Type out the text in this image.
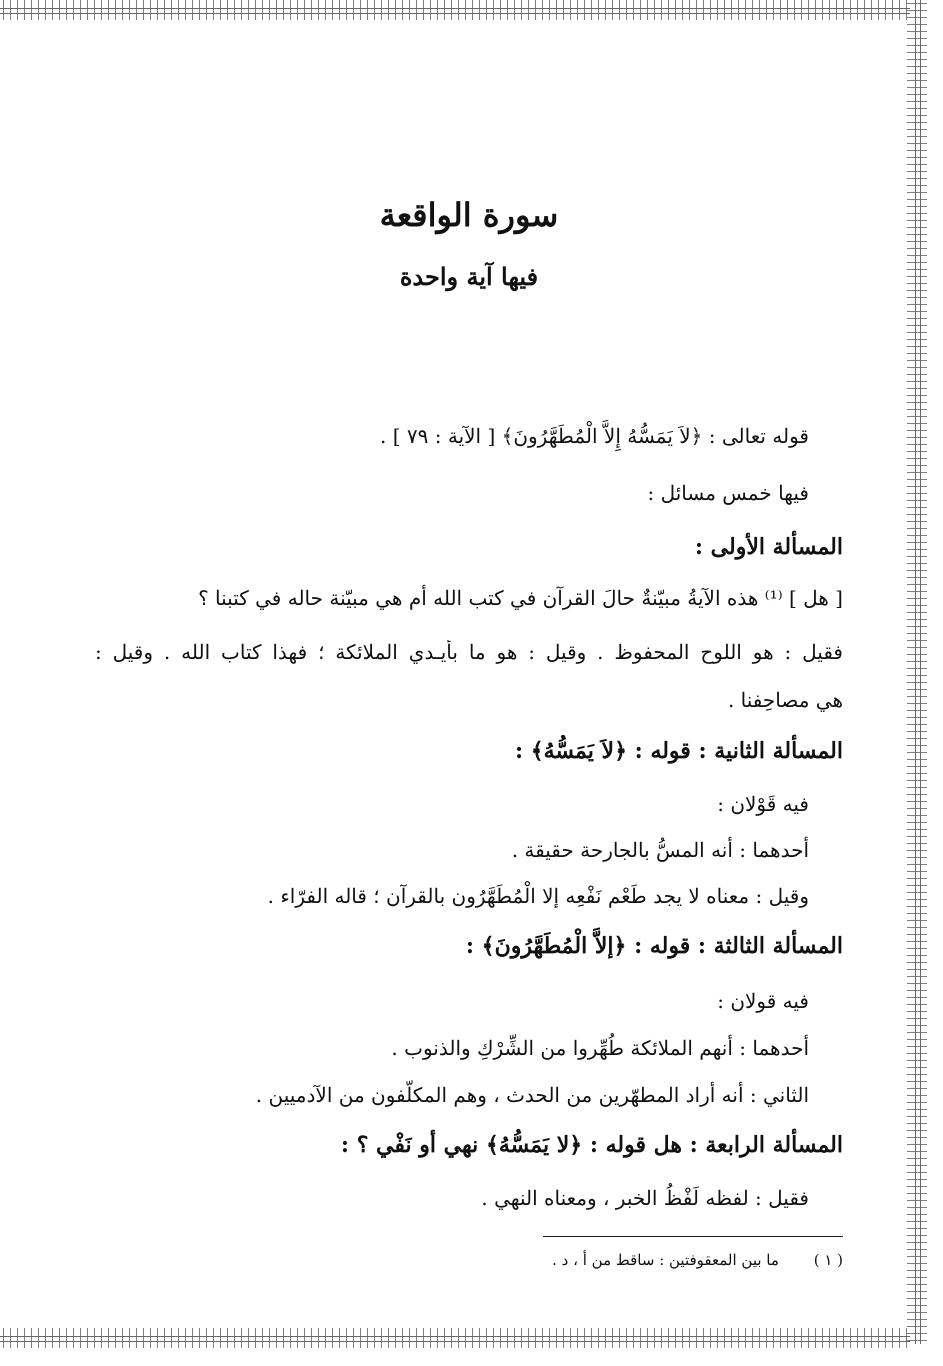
سورة الواقعة
فيها آية واحدة
قوله تعالى : ﴿لاَ يَمَسُّهُ إِلاَّ الْمُطَهَّرُونَ﴾ [ الآية : ٧٩ ] .
فيها خمس مسائل :
المسألة الأولى :
[ هل ] ⁽¹⁾ هذه الآيةُ مبيّنةٌ حالَ القرآن في كتب الله أم هي مبيّنة حاله في كتبنا ؟
فقيل : هو اللوح المحفوظ . وقيل : هو ما بأيـدي الملائكة ؛ فهذا كتاب الله . وقيل :
هي مصاحِفنا .
المسألة الثانية : قوله : ﴿لاَ يَمَسُّهُ﴾ :
فيه قَوْلان :
أحدهما : أنه المسُّ بالجارحة حقيقة .
وقيل : معناه لا يجد طَعْم نَفْعِه إلا الْمُطَهَّرُون بالقرآن ؛ قاله الفرّاء .
المسألة الثالثة : قوله : ﴿إلاَّ الْمُطَهَّرُونَ﴾ :
فيه قولان :
أحدهما : أنهم الملائكة طُهِّروا من الشِّرْكِ والذنوب .
الثاني : أنه أراد المطهّرين من الحدث ، وهم المكلّفون من الآدميين .
المسألة الرابعة : هل قوله : ﴿لا يَمَسُّهُ﴾ نهي أو نَفْي ؟ :
فقيل : لفظه لَفْظُ الخبر ، ومعناه النهي .
( ١ ) ما بين المعقوفتين : ساقط من أ ، د .
